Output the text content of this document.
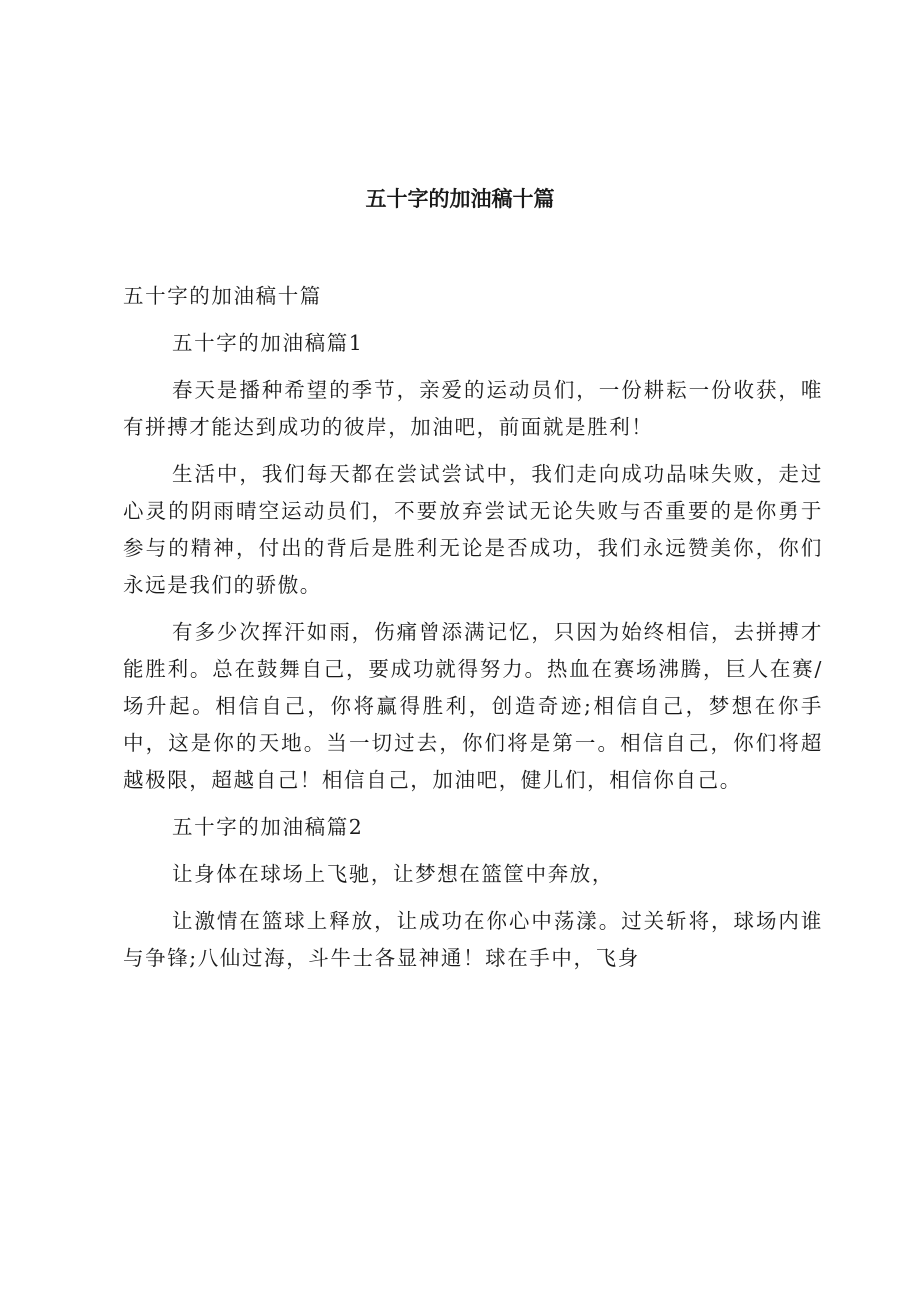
五十字的加油稿十篇

五十字的加油稿十篇

五十字的加油稿篇1

春天是播种希望的季节，亲爱的运动员们，一份耕耘一份收获，唯有拼搏才能达到成功的彼岸，加油吧，前面就是胜利！

生活中，我们每天都在尝试尝试中，我们走向成功品味失败，走过心灵的阴雨晴空运动员们，不要放弃尝试无论失败与否重要的是你勇于参与的精神，付出的背后是胜利无论是否成功，我们永远赞美你，你们永远是我们的骄傲。

有多少次挥汗如雨，伤痛曾添满记忆，只因为始终相信，去拼搏才能胜利。总在鼓舞自己，要成功就得努力。热血在赛场沸腾，巨人在赛/场升起。相信自己，你将赢得胜利，创造奇迹;相信自己，梦想在你手中，这是你的天地。当一切过去，你们将是第一。相信自己，你们将超越极限，超越自己！相信自己，加油吧，健儿们，相信你自己。

五十字的加油稿篇2

让身体在球场上飞驰，让梦想在篮筐中奔放，

让激情在篮球上释放，让成功在你心中荡漾。过关斩将，球场内谁与争锋;八仙过海，斗牛士各显神通！球在手中，飞身
